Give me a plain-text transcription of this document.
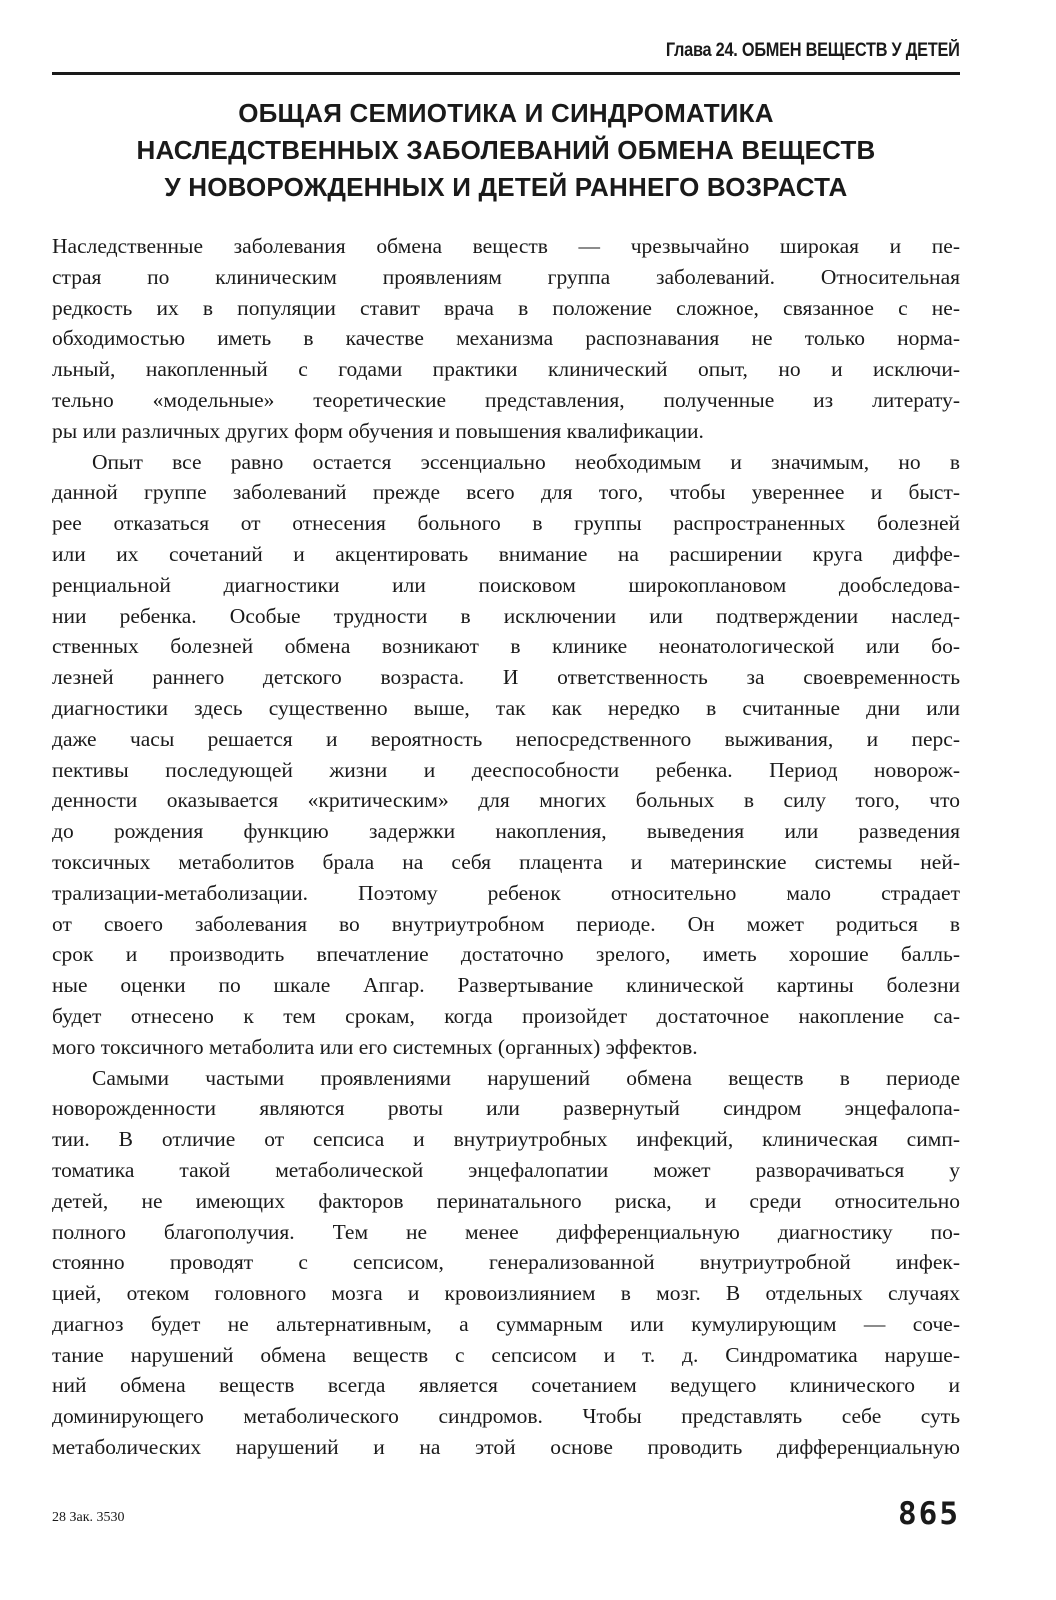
Глава 24. ОБМЕН ВЕЩЕСТВ У ДЕТЕЙ
ОБЩАЯ СЕМИОТИКА И СИНДРОМАТИКА
НАСЛЕДСТВЕННЫХ ЗАБОЛЕВАНИЙ ОБМЕНА ВЕЩЕСТВ
У НОВОРОЖДЕННЫХ И ДЕТЕЙ РАННЕГО ВОЗРАСТА
Наследственные заболевания обмена веществ — чрезвычайно широкая и пе-
страя по клиническим проявлениям группа заболеваний. Относительная
редкость их в популяции ставит врача в положение сложное, связанное с не-
обходимостью иметь в качестве механизма распознавания не только норма-
льный, накопленный с годами практики клинический опыт, но и исключи-
тельно «модельные» теоретические представления, полученные из литерату-
ры или различных других форм обучения и повышения квалификации.
Опыт все равно остается эссенциально необходимым и значимым, но в
данной группе заболеваний прежде всего для того, чтобы увереннее и быст-
рее отказаться от отнесения больного в группы распространенных болезней
или их сочетаний и акцентировать внимание на расширении круга диффе-
ренциальной диагностики или поисковом широкоплановом дообследова-
нии ребенка. Особые трудности в исключении или подтверждении наслед-
ственных болезней обмена возникают в клинике неонатологической или бо-
лезней раннего детского возраста. И ответственность за своевременность
диагностики здесь существенно выше, так как нередко в считанные дни или
даже часы решается и вероятность непосредственного выживания, и перс-
пективы последующей жизни и дееспособности ребенка. Период новорож-
денности оказывается «критическим» для многих больных в силу того, что
до рождения функцию задержки накопления, выведения или разведения
токсичных метаболитов брала на себя плацента и материнские системы ней-
трализации-метаболизации. Поэтому ребенок относительно мало страдает
от своего заболевания во внутриутробном периоде. Он может родиться в
срок и производить впечатление достаточно зрелого, иметь хорошие балль-
ные оценки по шкале Апгар. Развертывание клинической картины болезни
будет отнесено к тем срокам, когда произойдет достаточное накопление са-
мого токсичного метаболита или его системных (органных) эффектов.
Самыми частыми проявлениями нарушений обмена веществ в периоде
новорожденности являются рвоты или развернутый синдром энцефалопа-
тии. В отличие от сепсиса и внутриутробных инфекций, клиническая симп-
томатика такой метаболической энцефалопатии может разворачиваться у
детей, не имеющих факторов перинатального риска, и среди относительно
полного благополучия. Тем не менее дифференциальную диагностику по-
стоянно проводят с сепсисом, генерализованной внутриутробной инфек-
цией, отеком головного мозга и кровоизлиянием в мозг. В отдельных случаях
диагноз будет не альтернативным, а суммарным или кумулирующим — соче-
тание нарушений обмена веществ с сепсисом и т. д. Синдроматика наруше-
ний обмена веществ всегда является сочетанием ведущего клинического и
доминирующего метаболического синдромов. Чтобы представлять себе суть
метаболических нарушений и на этой основе проводить дифференциальную
28 Зак. 3530	865
